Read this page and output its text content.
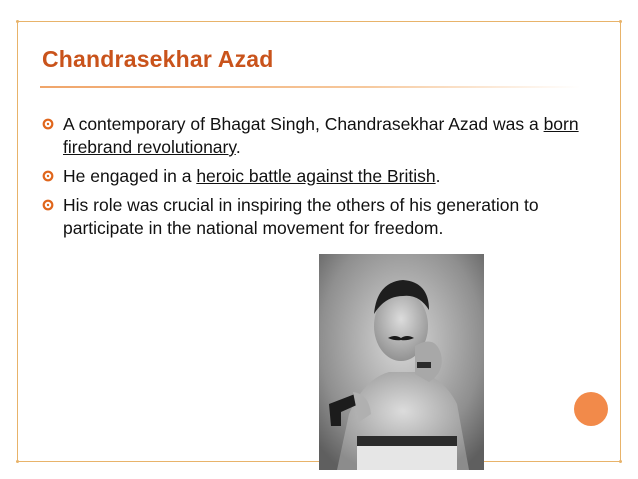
Chandrasekhar Azad
A contemporary of Bhagat Singh, Chandrasekhar Azad was a born firebrand revolutionary.
He engaged in a heroic battle against the British.
His role was crucial in inspiring the others of his generation to participate in the national movement for freedom.
